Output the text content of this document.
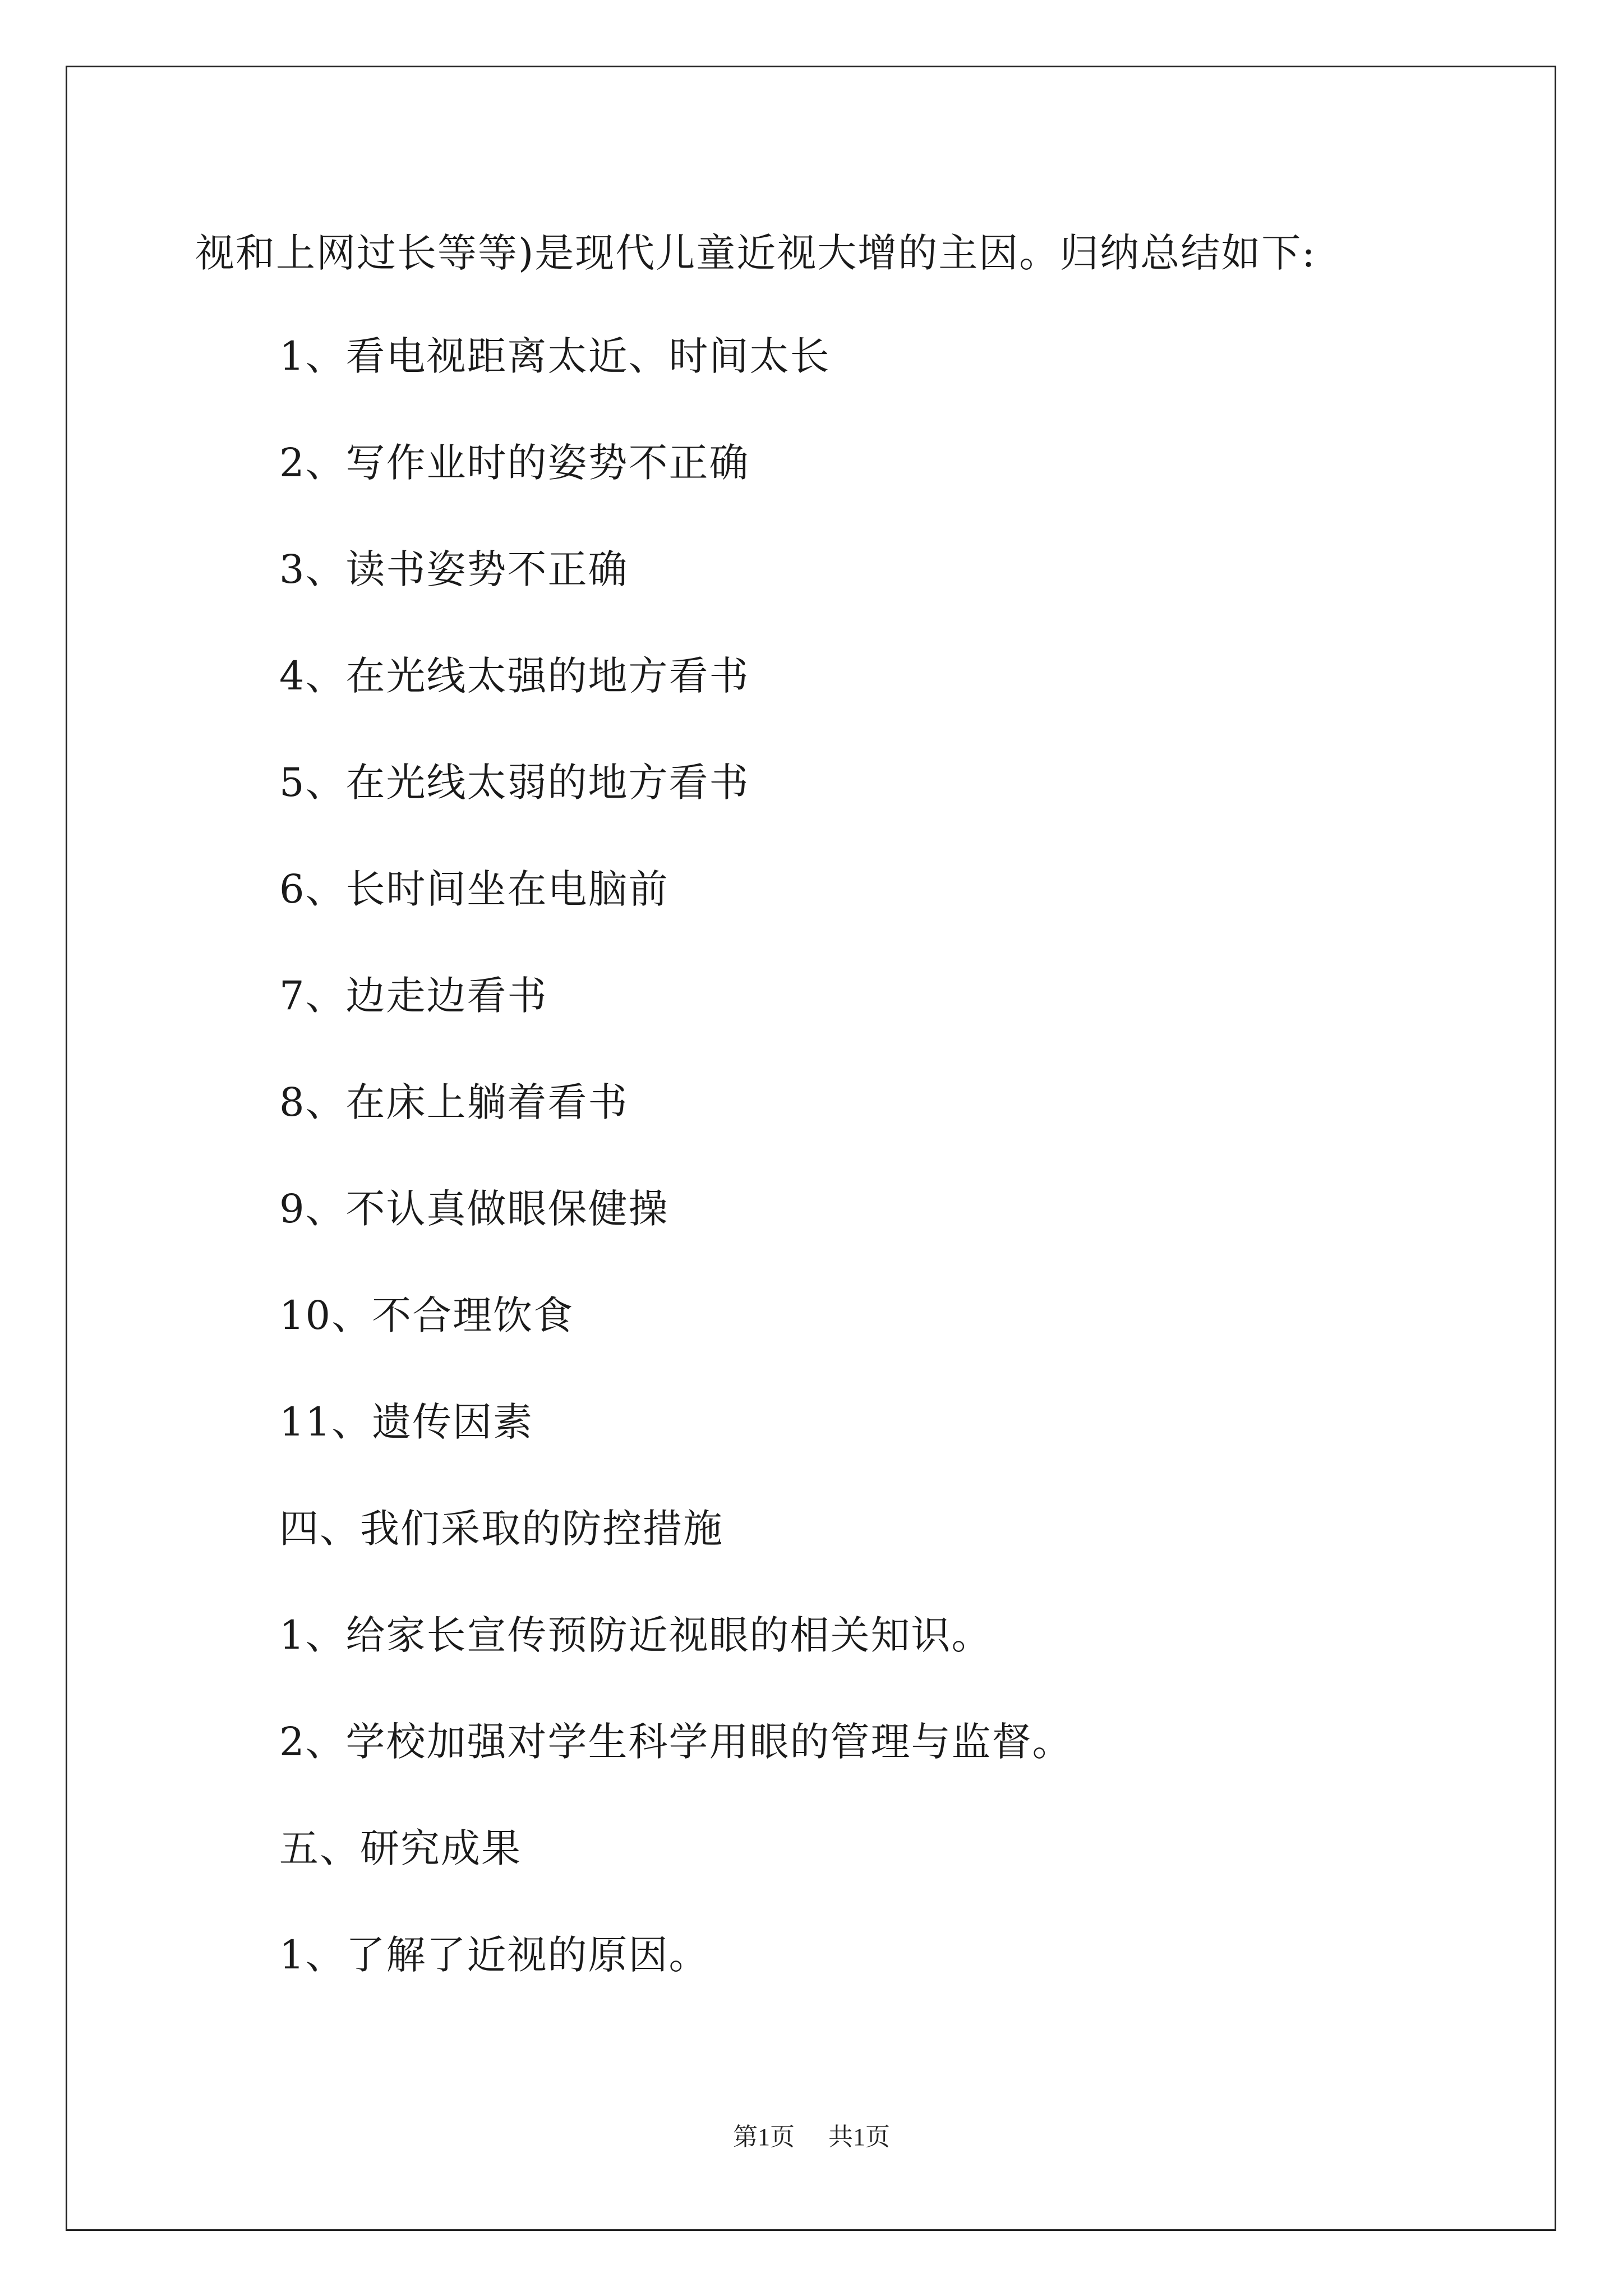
视和上网过长等等)是现代儿童近视大增的主因。归纳总结如下:
1、看电视距离太近、时间太长
2、写作业时的姿势不正确
3、读书姿势不正确
4、在光线太强的地方看书
5、在光线太弱的地方看书
6、长时间坐在电脑前
7、边走边看书
8、在床上躺着看书
9、不认真做眼保健操
10、不合理饮食
11、遗传因素
四、我们采取的防控措施
1、给家长宣传预防近视眼的相关知识。
2、学校加强对学生科学用眼的管理与监督。
五、研究成果
1、了解了近视的原因。
第1页 共1页
